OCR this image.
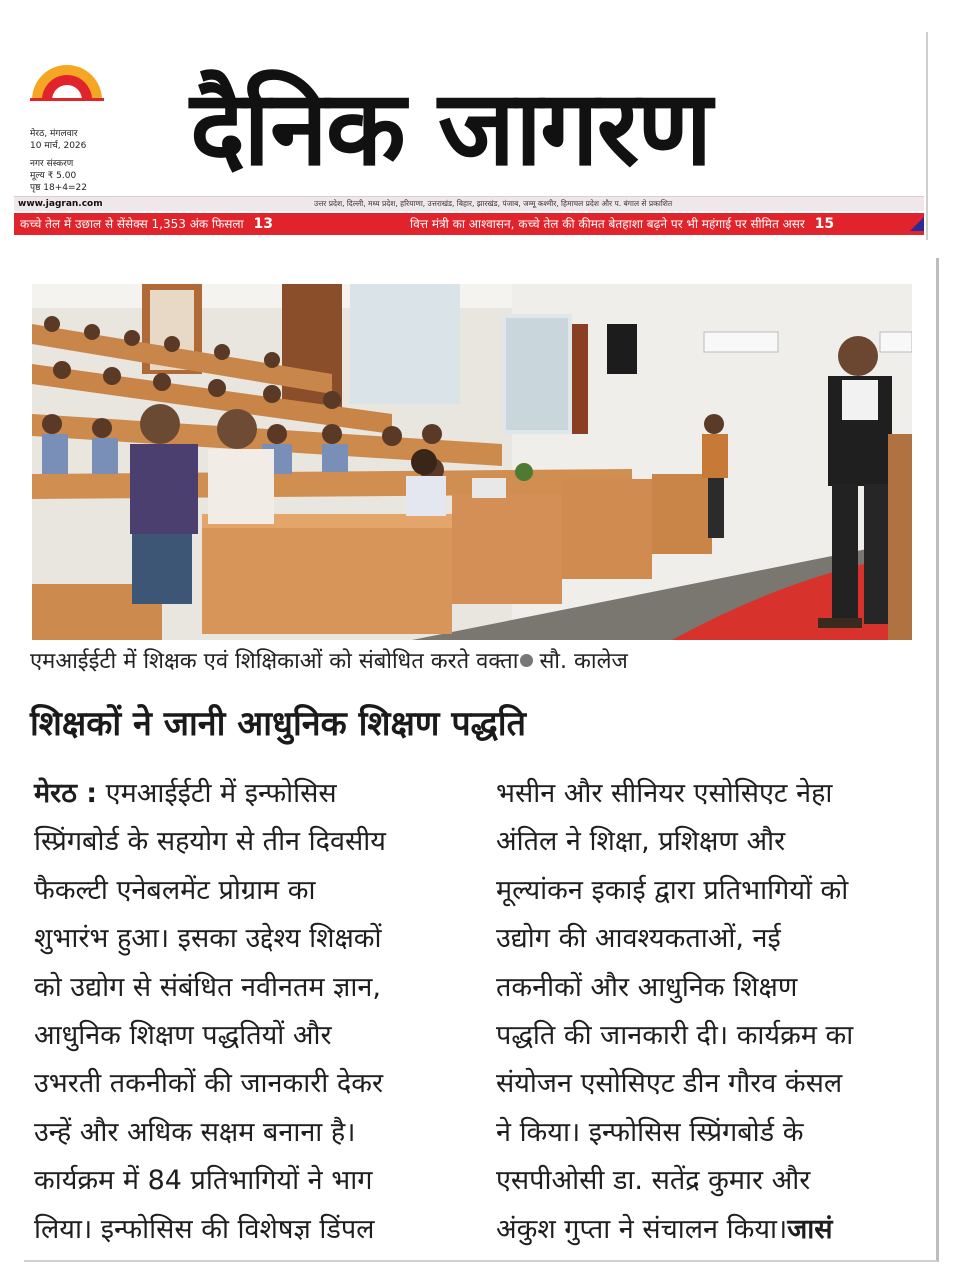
मेरठ, मंगलवार
10 मार्च, 2026
नगर संस्करण
मूल्य ₹ 5.00
पृष्ठ 18+4=22 दैनिक जागरण
www.jagran.com	उत्तर प्रदेश, दिल्ली, मध्य प्रदेश, हरियाणा, उत्तराखंड, बिहार, झारखंड, पंजाब, जम्मू कश्मीर, हिमाचल प्रदेश और प. बंगाल से प्रकाशित
कच्चे तेल में उछाल से सेंसेक्स 1,353 अंक फिसला 13	वित्त मंत्री का आश्वासन, कच्चे तेल की कीमत बेतहाशा बढ़ने पर भी महंगाई पर सीमित असर 15
एमआईईटी में शिक्षक एवं शिक्षिकाओं को संबोधित करते वक्ता सौ. कालेज
शिक्षकों ने जानी आधुनिक शिक्षण पद्धति
मेरठ : एमआईईटी में इन्फोसिस
स्प्रिंगबोर्ड के सहयोग से तीन दिवसीय
फैकल्टी एनेबलमेंट प्रोग्राम का
शुभारंभ हुआ। इसका उद्देश्य शिक्षकों
को उद्योग से संबंधित नवीनतम ज्ञान,
आधुनिक शिक्षण पद्धतियों और
उभरती तकनीकों की जानकारी देकर
उन्हें और अधिक सक्षम बनाना है।
कार्यक्रम में 84 प्रतिभागियों ने भाग
लिया। इन्फोसिस की विशेषज्ञ डिंपल
भसीन और सीनियर एसोसिएट नेहा
अंतिल ने शिक्षा, प्रशिक्षण और
मूल्यांकन इकाई द्वारा प्रतिभागियों को
उद्योग की आवश्यकताओं, नई
तकनीकों और आधुनिक शिक्षण
पद्धति की जानकारी दी। कार्यक्रम का
संयोजन एसोसिएट डीन गौरव कंसल
ने किया। इन्फोसिस स्प्रिंगबोर्ड के
एसपीओसी डा. सतेंद्र कुमार और
अंकुश गुप्ता ने संचालन किया।जासं
